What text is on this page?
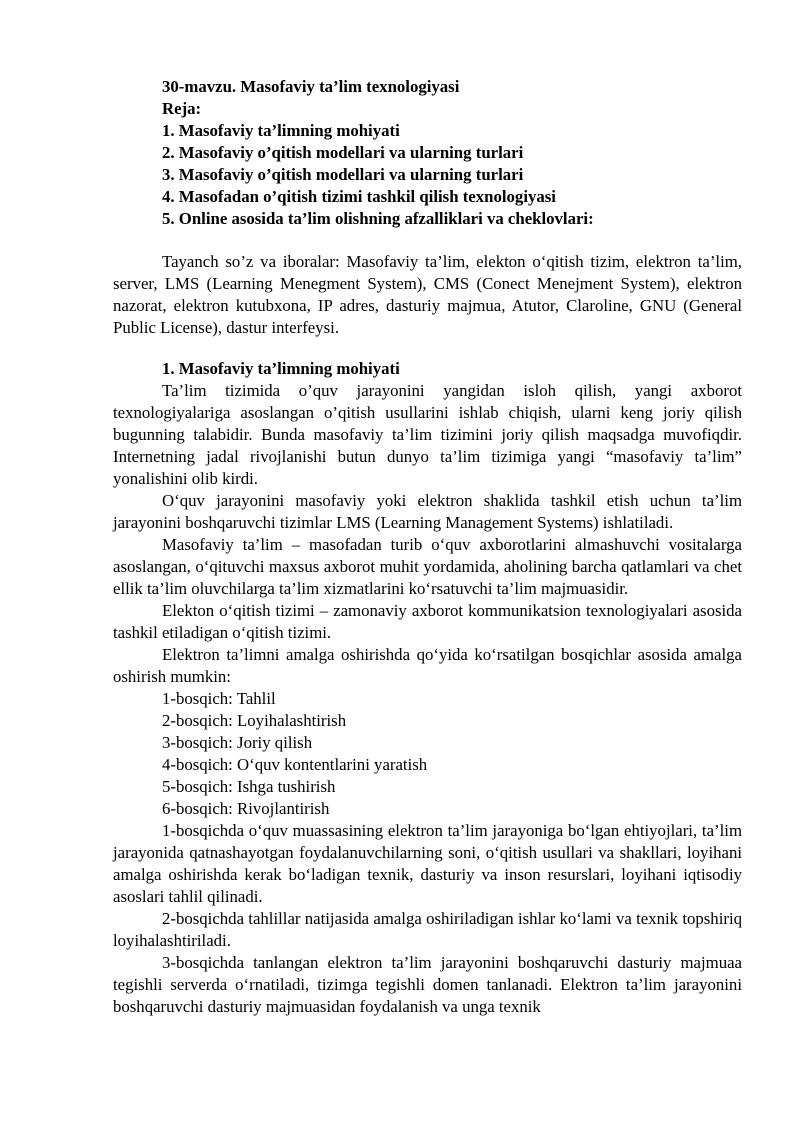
30-mavzu. Masofaviy ta’lim texnologiyasi

Reja:

1. Masofaviy ta’limning mohiyati

2. Masofaviy o’qitish modellari va ularning turlari

3. Masofaviy o’qitish modellari va ularning turlari

4. Masofadan o’qitish tizimi tashkil qilish texnologiyasi

5. Online asosida ta’lim olishning afzalliklari va cheklovlari:

Tayanch so’z va iboralar: Masofaviy ta’lim, elekton o‘qitish tizim, elektron ta’lim, server, LMS (Learning Menegment System), CMS (Conect Menejment System), elektron nazorat, elektron kutubxona, IP adres, dasturiy majmua, Atutor, Claroline, GNU (General Public License), dastur interfeysi.

1. Masofaviy ta’limning mohiyati

Ta’lim tizimida o’quv jarayonini yangidan isloh qilish, yangi axborot texnologiyalariga asoslangan o’qitish usullarini ishlab chiqish, ularni keng joriy qilish bugunning talabidir. Bunda masofaviy ta’lim tizimini joriy qilish maqsadga muvofiqdir. Internetning jadal rivojlanishi butun dunyo ta’lim tizimiga yangi “masofaviy ta’lim” yonalishini olib kirdi.

O‘quv jarayonini masofaviy yoki elektron shaklida tashkil etish uchun ta’lim jarayonini boshqaruvchi tizimlar LMS (Learning Management Systems) ishlatiladi.

Masofaviy ta’lim – masofadan turib o‘quv axborotlarini almashuvchi vositalarga asoslangan, o‘qituvchi maxsus axborot muhit yordamida, aholining barcha qatlamlari va chet ellik ta’lim oluvchilarga ta’lim xizmatlarini ko‘rsatuvchi ta’lim majmuasidir.

Elekton o‘qitish tizimi – zamonaviy axborot kommunikatsion texnologiyalari asosida tashkil etiladigan o‘qitish tizimi.

Elektron ta’limni amalga oshirishda qo‘yida ko‘rsatilgan bosqichlar asosida amalga oshirish mumkin:

1-bosqich: Tahlil

2-bosqich: Loyihalashtirish

3-bosqich: Joriy qilish

4-bosqich: O‘quv kontentlarini yaratish

5-bosqich: Ishga tushirish

6-bosqich: Rivojlantirish

1-bosqichda o‘quv muassasining elektron ta’lim jarayoniga bo‘lgan ehtiyojlari, ta’lim jarayonida qatnashayotgan foydalanuvchilarning soni, o‘qitish usullari va shakllari, loyihani amalga oshirishda kerak bo‘ladigan texnik, dasturiy va inson resurslari, loyihani iqtisodiy asoslari tahlil qilinadi.

2-bosqichda tahlillar natijasida amalga oshiriladigan ishlar ko‘lami va texnik topshiriq loyihalashtiriladi.

3-bosqichda tanlangan elektron ta’lim jarayonini boshqaruvchi dasturiy majmuaa tegishli serverda o‘rnatiladi, tizimga tegishli domen tanlanadi. Elektron ta’lim jarayonini boshqaruvchi dasturiy majmuasidan foydalanish va unga texnik
